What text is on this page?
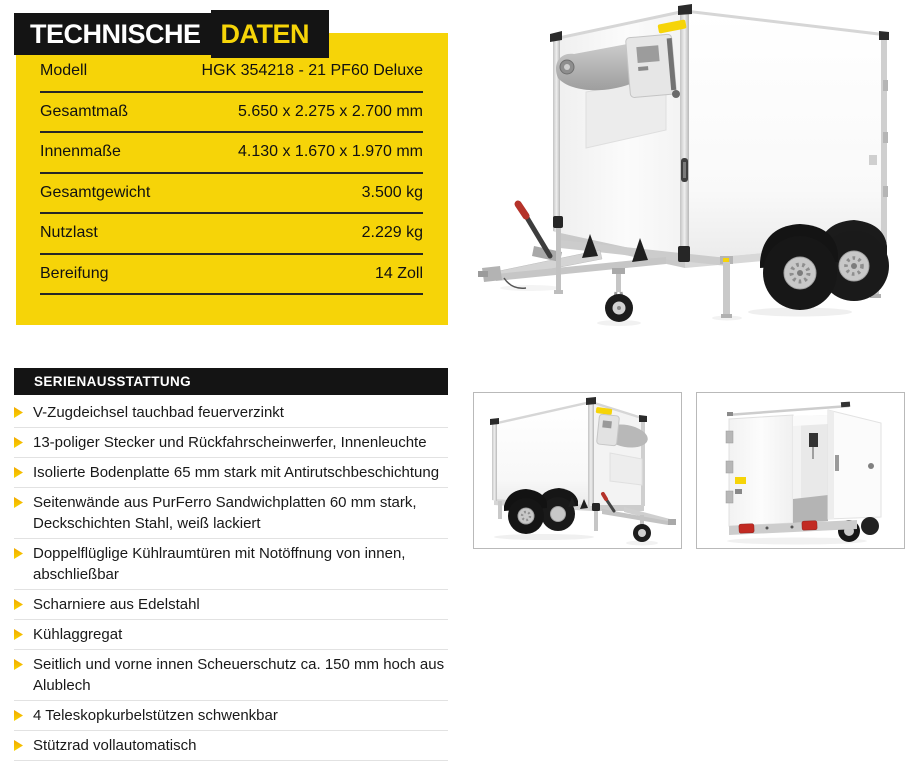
TECHNISCHE DATEN
Modell	HGK 354218 - 21 PF60 Deluxe
Gesamtmaß	5.650 x 2.275 x 2.700 mm
Innenmaße	4.130 x 1.670 x 1.970 mm
Gesamtgewicht	3.500 kg
Nutzlast	2.229 kg
Bereifung	14 Zoll
SERIENAUSSTATTUNG
V-Zugdeichsel tauchbad feuerverzinkt
13-poliger Stecker und Rückfahrscheinwerfer, Innenleuchte
Isolierte Bodenplatte 65 mm stark mit Antirutschbeschichtung
Seitenwände aus PurFerro Sandwichplatten 60 mm stark, Deckschichten Stahl, weiß lackiert
Doppelflüglige Kühlraumtüren mit Notöffnung von innen, abschließbar
Scharniere aus Edelstahl
Kühlaggregat
Seitlich und vorne innen Scheuerschutz ca. 150 mm hoch aus Alublech
4 Teleskopkurbelstützen schwenkbar
Stützrad vollautomatisch
